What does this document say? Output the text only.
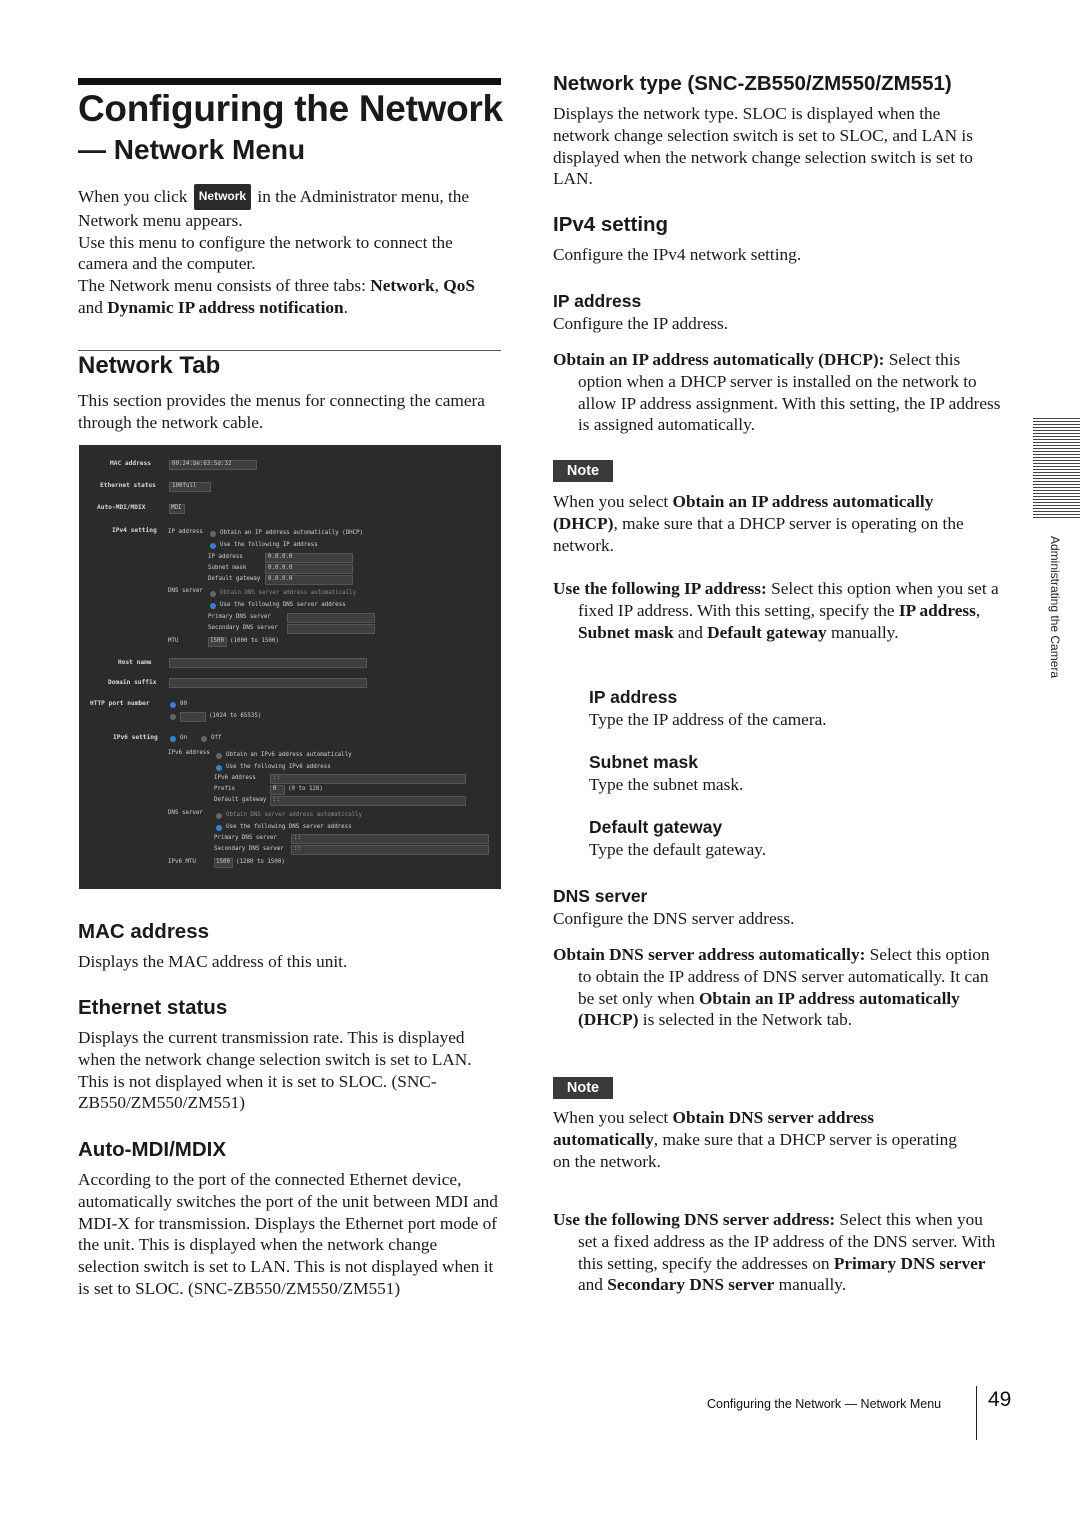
Configuring the Network
— Network Menu
When you click Network in the Administrator menu, the Network menu appears.
Use this menu to configure the network to connect the camera and the computer.
The Network menu consists of three tabs: Network, QoS and Dynamic IP address notification.
Network Tab
This section provides the menus for connecting the camera through the network cable.
MAC address	00:24:be:63:5d:32
Ethernet status	100full
Auto-MDI/MDIX	MDI
IPv4 setting IP address	Obtain an IP address automatically (DHCP)
Use the following IP address
IP address	0.0.0.0
Subnet mask	0.0.0.0
Default gateway 0.0.0.0
DNS server	Obtain DNS server address automatically
Use the following DNS server address
Primary DNS server
Secondary DNS server
MTU	1500 (1000 to 1500)
Host name
Domain suffix
HTTP port number	80
(1024 to 65535)
IPv6 setting	On	Off
IPv6 address	Obtain an IPv6 address automatically
Use the following IPv6 address
IPv6 address	::
Prefix	0 (0 to 128)
Default gateway ::
DNS server	Obtain DNS server address automatically
Use the following DNS server address
Primary DNS server	::
Secondary DNS server ::
IPv6 MTU	1500 (1280 to 1500)
MAC address
Displays the MAC address of this unit.
Ethernet status
Displays the current transmission rate. This is displayed when the network change selection switch is set to LAN. This is not displayed when it is set to SLOC. (SNC-ZB550/ZM550/ZM551)
Auto-MDI/MDIX
According to the port of the connected Ethernet device, automatically switches the port of the unit between MDI and MDI-X for transmission. Displays the Ethernet port mode of the unit. This is displayed when the network change selection switch is set to LAN. This is not displayed when it is set to SLOC. (SNC-ZB550/ZM550/ZM551)
Network type (SNC-ZB550/ZM550/ZM551)
Displays the network type. SLOC is displayed when the network change selection switch is set to SLOC, and LAN is displayed when the network change selection switch is set to LAN.
IPv4 setting
Configure the IPv4 network setting.
IP address
Configure the IP address.
Obtain an IP address automatically (DHCP): Select this option when a DHCP server is installed on the network to allow IP address assignment. With this setting, the IP address is assigned automatically.
Note
When you select Obtain an IP address automatically (DHCP), make sure that a DHCP server is operating on the network.
Use the following IP address: Select this option when you set a fixed IP address. With this setting, specify the IP address, Subnet mask and Default gateway manually.
IP address
Type the IP address of the camera.
Subnet mask
Type the subnet mask.
Default gateway
Type the default gateway.
DNS server
Configure the DNS server address.
Obtain DNS server address automatically: Select this option to obtain the IP address of DNS server automatically. It can be set only when Obtain an IP address automatically (DHCP) is selected in the Network tab.
Note
When you select Obtain DNS server address automatically, make sure that a DHCP server is operating on the network.
Use the following DNS server address: Select this when you set a fixed address as the IP address of the DNS server. With this setting, specify the addresses on Primary DNS server and Secondary DNS server manually.
Administrating the Camera
Configuring the Network — Network Menu 49
